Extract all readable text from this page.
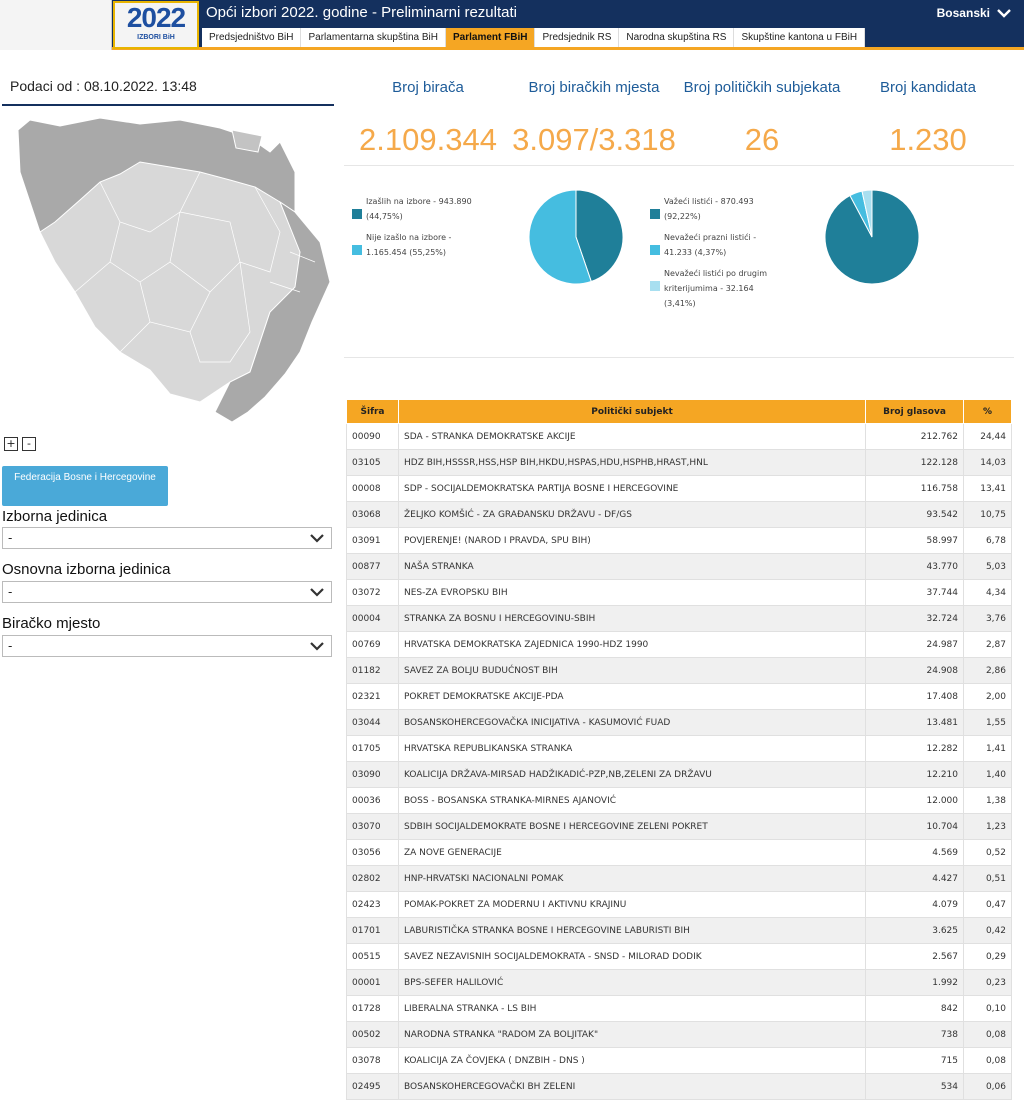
2022
IZBORI BiH
Opći izbori 2022. godine - Preliminarni rezultati	Bosanski
Predsjedništvo BiH	Parlamentarna skupština BiH	Parlament FBiH	Predsjednik RS	Narodna skupština RS	Skupštine kantona u FBiH
Podaci od : 08.10.2022. 13:48
+	-
Federacija Bosne i Hercegovine
Izborna jedinica
-
Osnovna izborna jedinica
-
Biračko mjesto
-
Broj birača
2.109.344
Broj biračkih mjesta
3.097/3.318
Broj političkih subjekata
26
Broj kandidata
1.230
Izašlih na izbore - 943.890
(44,75%)
Nije izašlo na izbore -
1.165.454 (55,25%)
Važeći listići - 870.493
(92,22%)
Nevažeći prazni listići -
41.233 (4,37%)
Nevažeći listići po drugim
kriterijumima - 32.164
(3,41%)
Šifra	Politički subjekt	Broj glasova	%
00090	SDA - STRANKA DEMOKRATSKE AKCIJE	212.762	24,44
03105	HDZ BIH,HSSSR,HSS,HSP BIH,HKDU,HSPAS,HDU,HSPHB,HRAST,HNL	122.128	14,03
00008	SDP - SOCIJALDEMOKRATSKA PARTIJA BOSNE I HERCEGOVINE	116.758	13,41
03068	ŽELJKO KOMŠIĆ - ZA GRAĐANSKU DRŽAVU - DF/GS	93.542	10,75
03091	POVJERENJE! (NAROD I PRAVDA, SPU BIH)	58.997	6,78
00877	NAŠA STRANKA	43.770	5,03
03072	NES-ZA EVROPSKU BIH	37.744	4,34
00004	STRANKA ZA BOSNU I HERCEGOVINU-SBIH	32.724	3,76
00769	HRVATSKA DEMOKRATSKA ZAJEDNICA 1990-HDZ 1990	24.987	2,87
01182	SAVEZ ZA BOLJU BUDUĆNOST BIH	24.908	2,86
02321	POKRET DEMOKRATSKE AKCIJE-PDA	17.408	2,00
03044	BOSANSKOHERCEGOVAČKA INICIJATIVA - KASUMOVIĆ FUAD	13.481	1,55
01705	HRVATSKA REPUBLIKANSKA STRANKA	12.282	1,41
03090	KOALICIJA DRŽAVA-MIRSAD HADŽIKADIĆ-PZP,NB,ZELENI ZA DRŽAVU	12.210	1,40
00036	BOSS - BOSANSKA STRANKA-MIRNES AJANOVIĆ	12.000	1,38
03070	SDBIH SOCIJALDEMOKRATE BOSNE I HERCEGOVINE ZELENI POKRET	10.704	1,23
03056	ZA NOVE GENERACIJE	4.569	0,52
02802	HNP-HRVATSKI NACIONALNI POMAK	4.427	0,51
02423	POMAK-POKRET ZA MODERNU I AKTIVNU KRAJINU	4.079	0,47
01701	LABURISTIČKA STRANKA BOSNE I HERCEGOVINE LABURISTI BIH	3.625	0,42
00515	SAVEZ NEZAVISNIH SOCIJALDEMOKRATA - SNSD - MILORAD DODIK	2.567	0,29
00001	BPS-SEFER HALILOVIĆ	1.992	0,23
01728	LIBERALNA STRANKA - LS BIH	842	0,10
00502	NARODNA STRANKA "RADOM ZA BOLJITAK"	738	0,08
03078	KOALICIJA ZA ČOVJEKA ( DNZBIH - DNS )	715	0,08
02495	BOSANSKOHERCEGOVAČKI BH ZELENI	534	0,06
